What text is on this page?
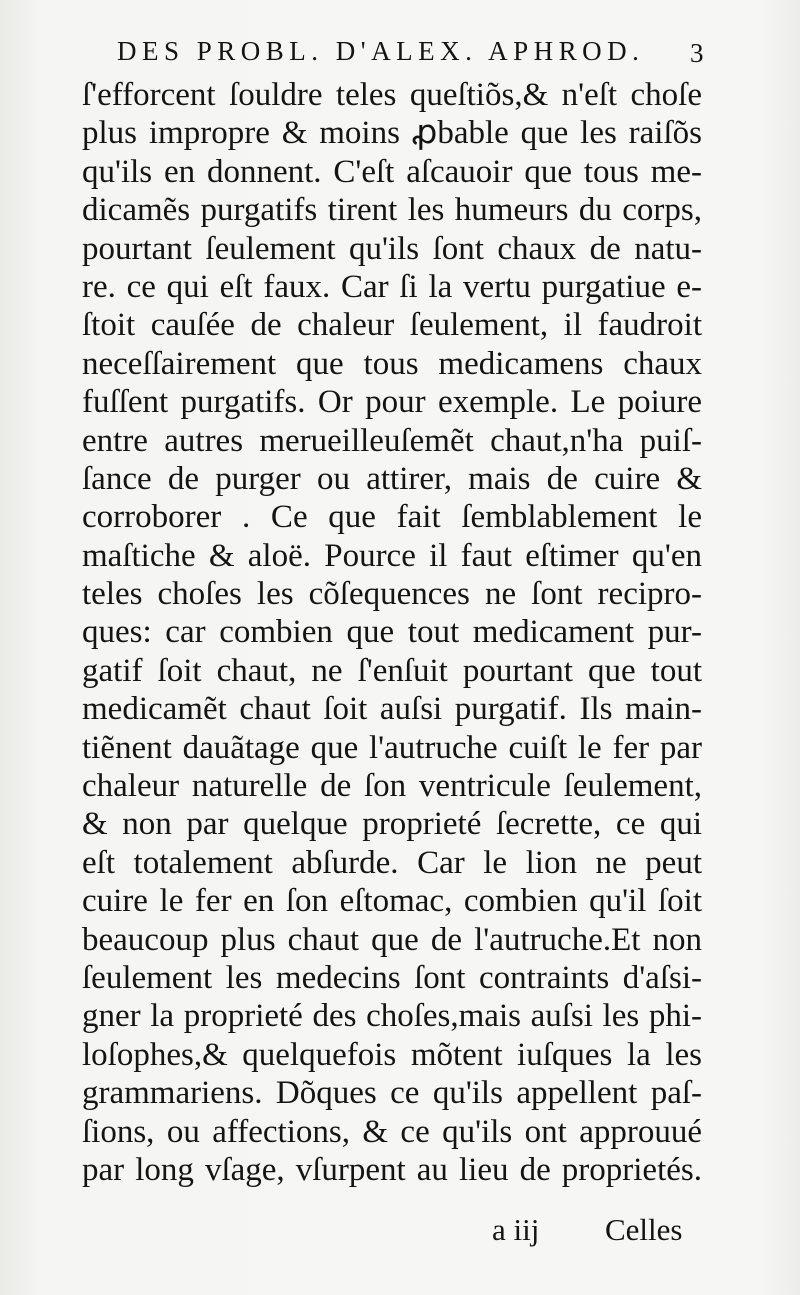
DES PROBL. D'ALEX. APHROD. 3
ſ'efforcent ſouldre teles queſtiõs,& n'eſt choſe
plus impropre & moins ꝓbable que les raiſõs
qu'ils en donnent. C'eſt aſcauoir que tous me-
dicamẽs purgatifs tirent les humeurs du corps,
pourtant ſeulement qu'ils ſont chaux de natu-
re. ce qui eſt faux. Car ſi la vertu purgatiue e-
ſtoit cauſée de chaleur ſeulement, il faudroit
neceſſairement que tous medicamens chaux
fuſſent purgatifs. Or pour exemple. Le poiure
entre autres merueilleuſemẽt chaut,n'ha puiſ-
ſance de purger ou attirer, mais de cuire &
corroborer . Ce que fait ſemblablement le
maſtiche & aloë. Pource il faut eſtimer qu'en
teles choſes les cõſequences ne ſont recipro-
ques: car combien que tout medicament pur-
gatif ſoit chaut, ne ſ'enſuit pourtant que tout
medicamẽt chaut ſoit auſsi purgatif. Ils main-
tiẽnent dauãtage que l'autruche cuiſt le fer par
chaleur naturelle de ſon ventricule ſeulement,
& non par quelque proprieté ſecrette, ce qui
eſt totalement abſurde. Car le lion ne peut
cuire le fer en ſon eſtomac, combien qu'il ſoit
beaucoup plus chaut que de l'autruche.Et non
ſeulement les medecins ſont contraints d'aſsi-
gner la proprieté des choſes,mais auſsi les phi-
loſophes,& quelquefois mõtent iuſques la les
grammariens. Dõques ce qu'ils appellent paſ-
ſions, ou affections, & ce qu'ils ont approuué
par long vſage, vſurpent au lieu de proprietés.
a iij Celles
